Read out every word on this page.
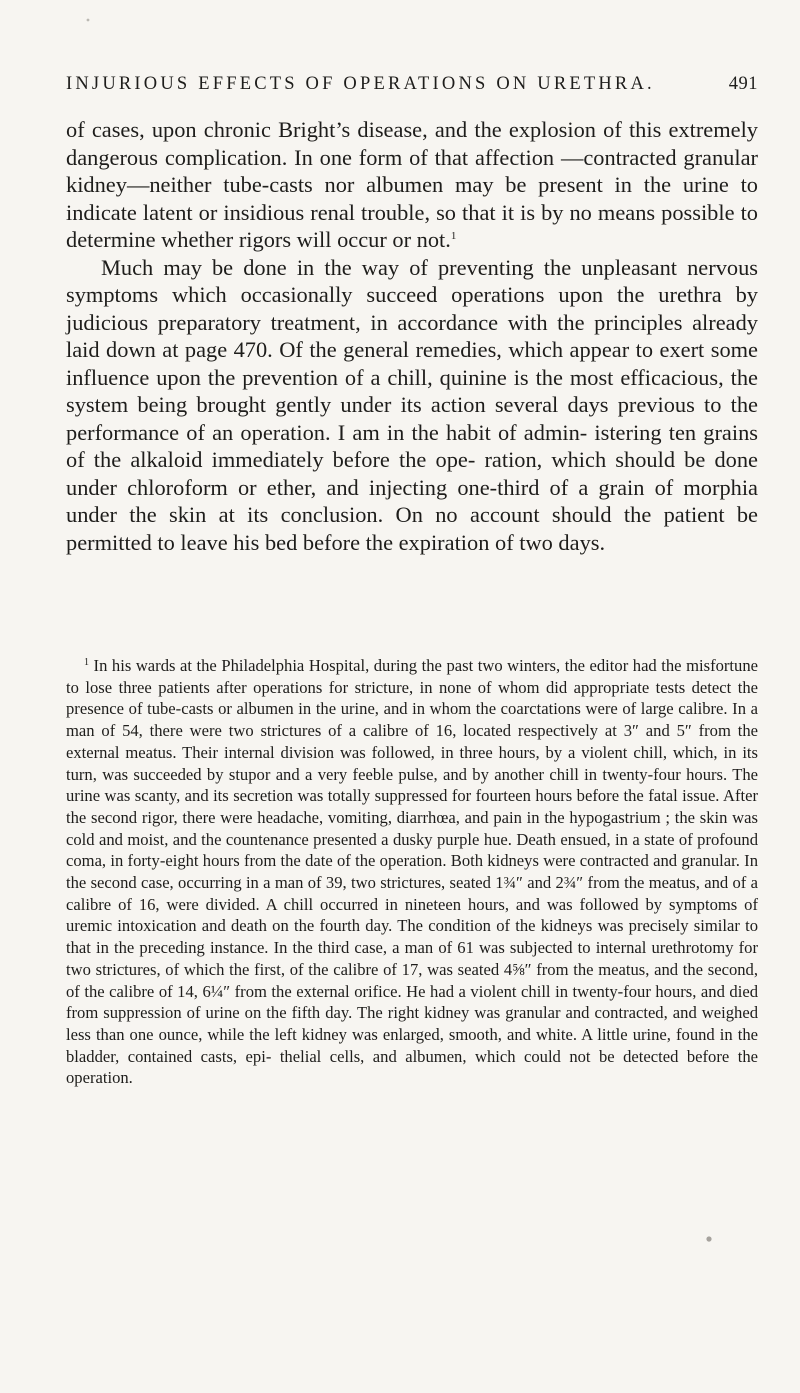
INJURIOUS EFFECTS OF OPERATIONS ON URETHRA.	491

of cases, upon chronic Bright’s disease, and the explosion of this extremely dangerous complication. In one form of that affection —contracted granular kidney—neither tube-casts nor albumen may be present in the urine to indicate latent or insidious renal trouble, so that it is by no means possible to determine whether rigors will occur or not.$^1$

Much may be done in the way of preventing the unpleasant nervous symptoms which occasionally succeed operations upon the urethra by judicious preparatory treatment, in accordance with the principles already laid down at page 470. Of the general remedies, which appear to exert some influence upon the prevention of a chill, quinine is the most efficacious, the system being brought gently under its action several days previous to the performance of an operation. I am in the habit of admin- istering ten grains of the alkaloid immediately before the ope- ration, which should be done under chloroform or ether, and injecting one-third of a grain of morphia under the skin at its conclusion. On no account should the patient be permitted to leave his bed before the expiration of two days.

$^1$ In his wards at the Philadelphia Hospital, during the past two winters, the editor had the misfortune to lose three patients after operations for stricture, in none of whom did appropriate tests detect the presence of tube-casts or albumen in the urine, and in whom the coarctations were of large calibre. In a man of 54, there were two strictures of a calibre of 16, located respectively at 3″ and 5″ from the external meatus. Their internal division was followed, in three hours, by a violent chill, which, in its turn, was succeeded by stupor and a very feeble pulse, and by another chill in twenty-four hours. The urine was scanty, and its secretion was totally suppressed for fourteen hours before the fatal issue. After the second rigor, there were headache, vomiting, diarrhœa, and pain in the hypogastrium ; the skin was cold and moist, and the countenance presented a dusky purple hue. Death ensued, in a state of profound coma, in forty-eight hours from the date of the operation. Both kidneys were contracted and granular. In the second case, occurring in a man of 39, two strictures, seated 1¾″ and 2¾″ from the meatus, and of a calibre of 16, were divided. A chill occurred in nineteen hours, and was followed by symptoms of uremic intoxication and death on the fourth day. The condition of the kidneys was precisely similar to that in the preceding instance. In the third case, a man of 61 was subjected to internal urethrotomy for two strictures, of which the first, of the calibre of 17, was seated 4⅝″ from the meatus, and the second, of the calibre of 14, 6¼″ from the external orifice. He had a violent chill in twenty-four hours, and died from suppression of urine on the fifth day. The right kidney was granular and contracted, and weighed less than one ounce, while the left kidney was enlarged, smooth, and white. A little urine, found in the bladder, contained casts, epi- thelial cells, and albumen, which could not be detected before the operation.
